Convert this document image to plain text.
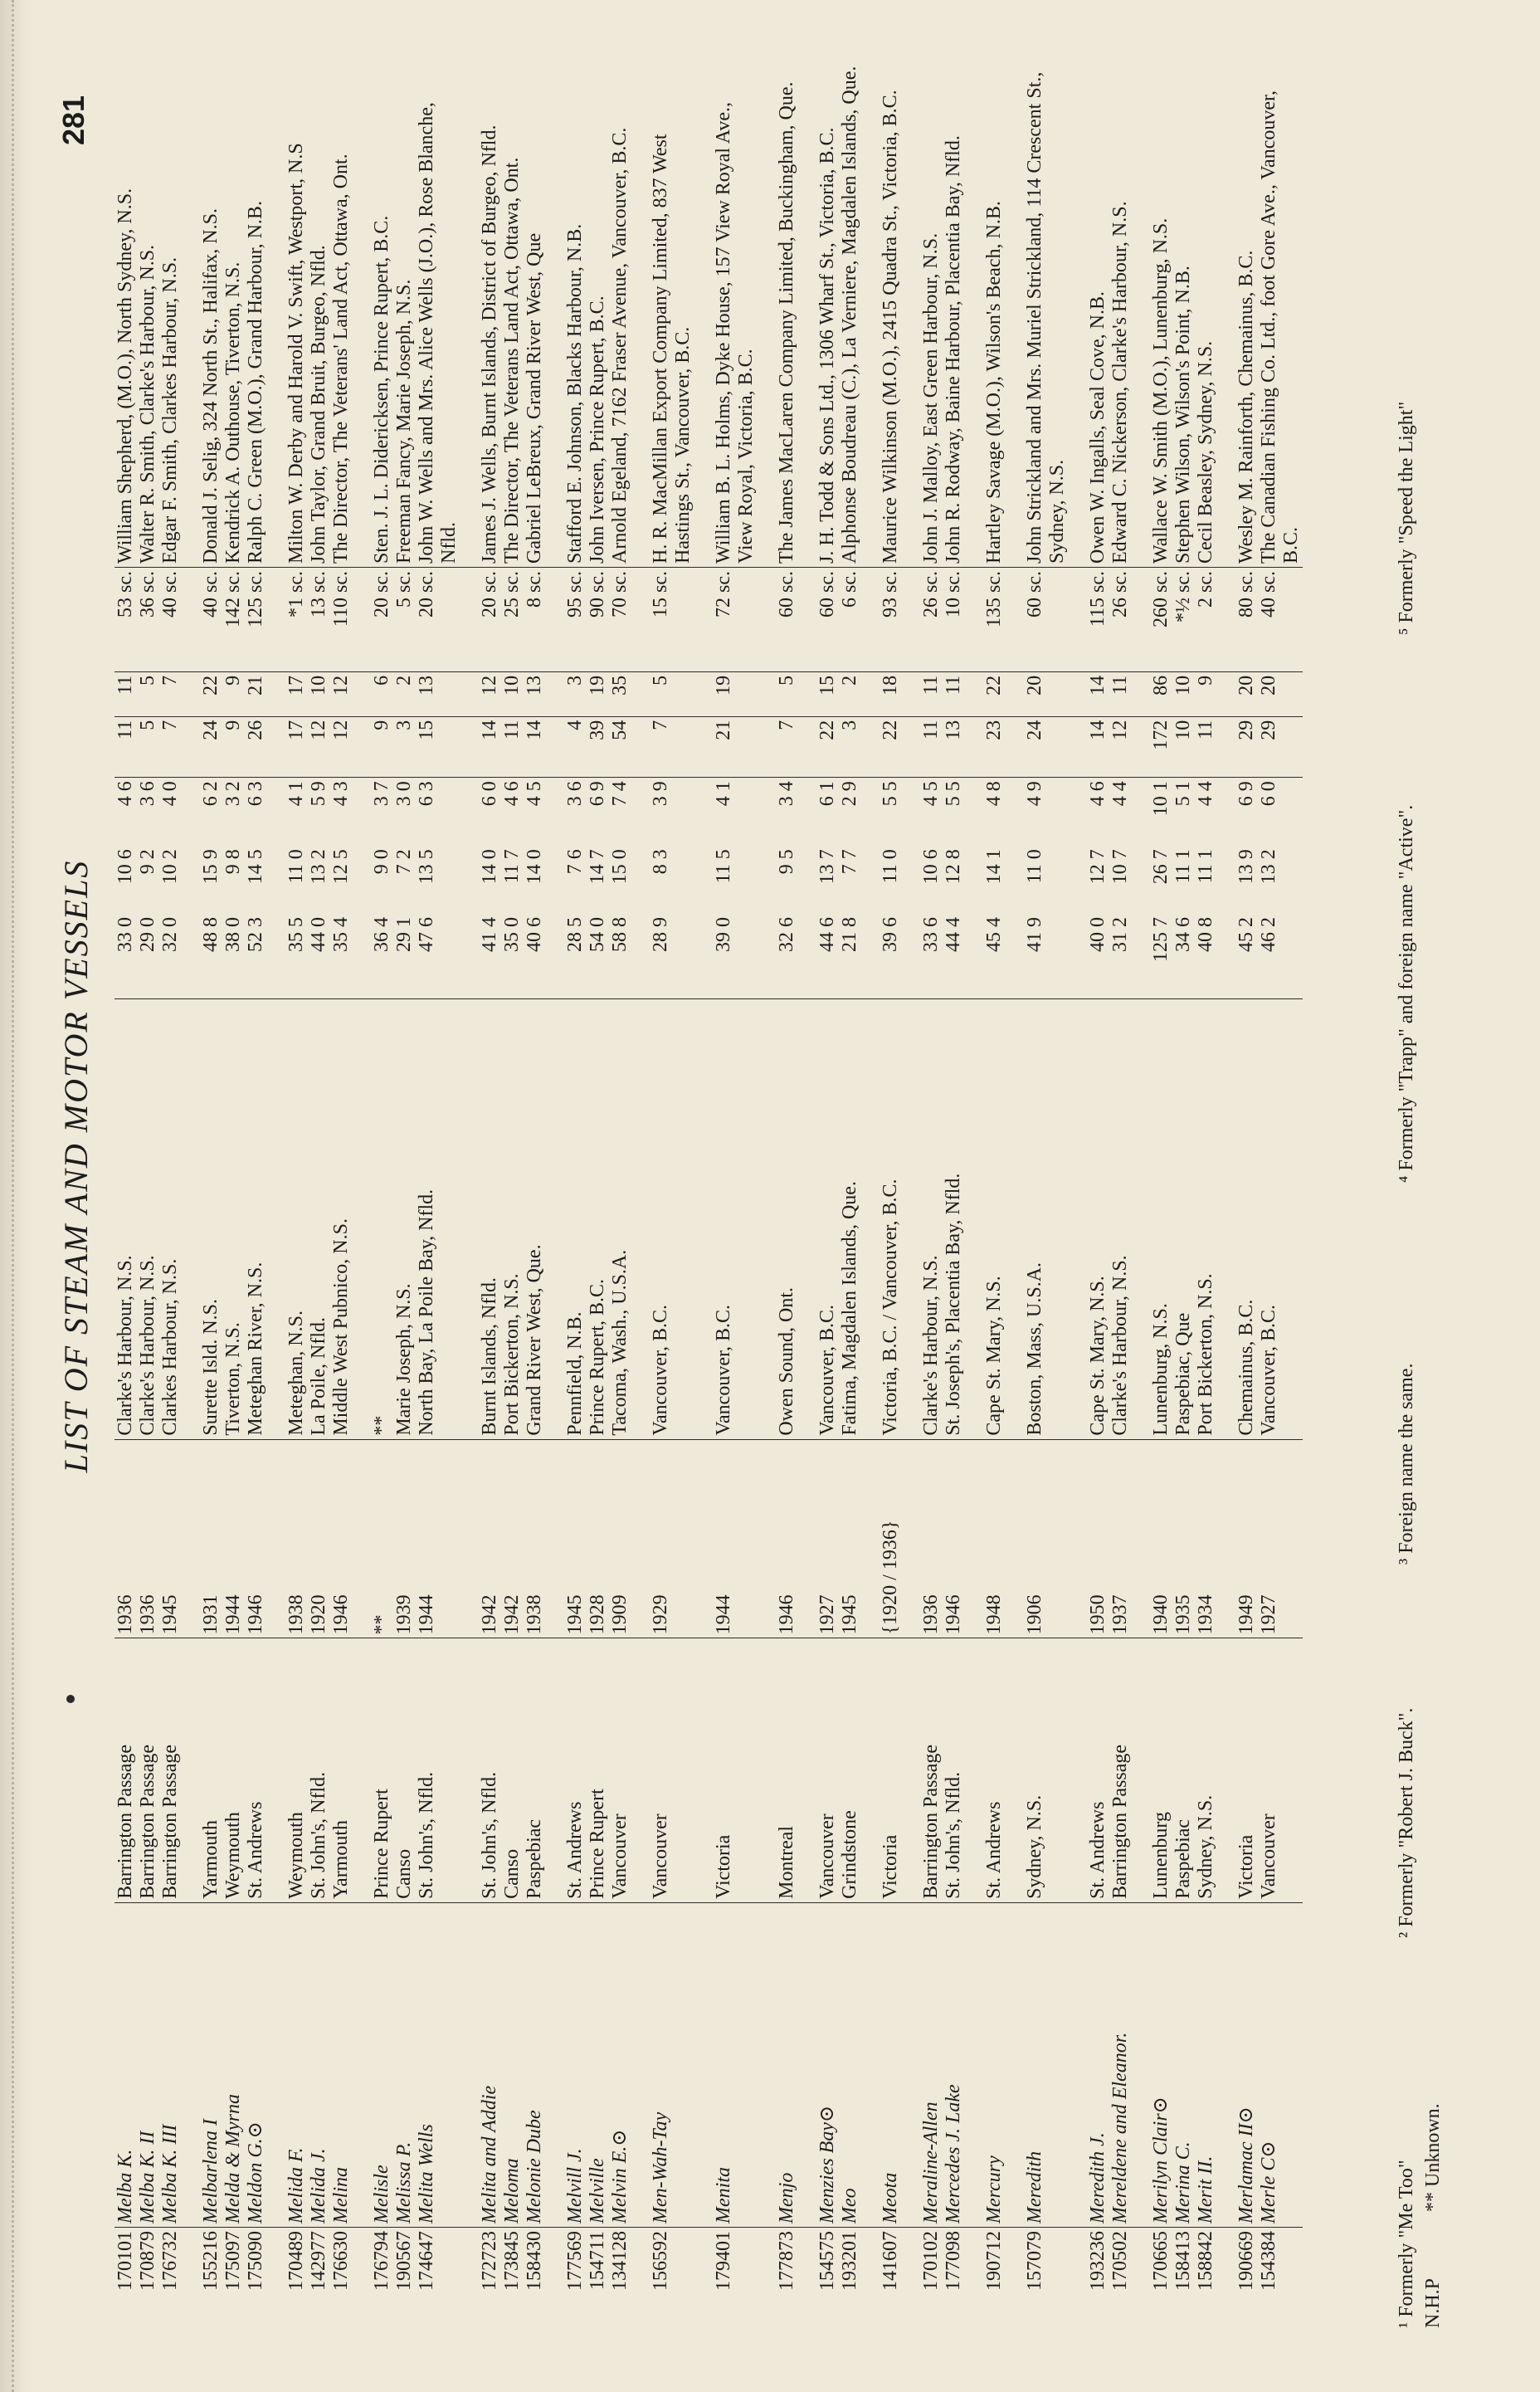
LIST OF STEAM AND MOTOR VESSELS
281
170101	Melba K.	Barrington Passage	1936	Clarke's Harbour, N.S.	33 0	10 6	4 6	11	11	53 sc.	William Shepherd, (M.O.), North Sydney, N.S.
170879	Melba K. II	Barrington Passage	1936	Clarke's Harbour, N.S.	29 0	9 2	3 6	5	5	36 sc.	Walter R. Smith, Clarke's Harbour, N.S.
176732	Melba K. III	Barrington Passage	1945	Clarkes Harbour, N.S.	32 0	10 2	4 0	7	7	40 sc.	Edgar F. Smith, Clarkes Harbour, N.S.

155216	Melbarlena I	Yarmouth	1931	Surette Isld. N.S.	48 8	15 9	6 2	24	22	40 sc.	Donald J. Selig, 324 North St., Halifax, N.S.
175097	Melda & Myrna	Weymouth	1944	Tiverton, N.S.	38 0	9 8	3 2	9	9	142 sc.	Kendrick A. Outhouse, Tiverton, N.S.
175090	Meldon G.⊙	St. Andrews	1946	Meteghan River, N.S.	52 3	14 5	6 3	26	21	125 sc.	Ralph C. Green (M.O.), Grand Harbour, N.B.

170489	Melida F.	Weymouth	1938	Meteghan, N.S.	35 5	11 0	4 1	17	17	*1 sc.	Milton W. Derby and Harold V. Swift, Westport, N.S
142977	Melida J.	St. John's, Nfld.	1920	La Poile, Nfld.	44 0	13 2	5 9	12	10	13 sc.	John Taylor, Grand Bruit, Burgeo, Nfld.
176630	Melina	Yarmouth	1946	Middle West Pubnico, N.S.	35 4	12 5	4 3	12	12	110 sc.	The Director, The Veterans' Land Act, Ottawa, Ont.

176794	Melisle	Prince Rupert	**	**	36 4	9 0	3 7	9	6	20 sc.	Sten. J. L. Didericksen, Prince Rupert, B.C.
190567	Melissa P.	Canso	1939	Marie Joseph, N.S.	29 1	7 2	3 0	3	2	5 sc.	Freeman Fancy, Marie Joseph, N.S.
174647	Melita Wells	St. John's, Nfld.	1944	North Bay, La Poile Bay, Nfld.	47 6	13 5	6 3	15	13	20 sc.	John W. Wells and Mrs. Alice Wells (J.O.), Rose Blanche, Nfld.

172723	Melita and Addie	St. John's, Nfld.	1942	Burnt Islands, Nfld.	41 4	14 0	6 0	14	12	20 sc.	James J. Wells, Burnt Islands, District of Burgeo, Nfld.
173845	Meloma	Canso	1942	Port Bickerton, N.S.	35 0	11 7	4 6	11	10	25 sc.	The Director, The Veterans Land Act, Ottawa, Ont.
158430	Melonie Dube	Paspebiac	1938	Grand River West, Que.	40 6	14 0	4 5	14	13	8 sc.	Gabriel LeBreux, Grand River West, Que

177569	Melvill J.	St. Andrews	1945	Pennfield, N.B.	28 5	7 6	3 6	4	3	95 sc.	Stafford E. Johnson, Blacks Harbour, N.B.
154711	Melville	Prince Rupert	1928	Prince Rupert, B.C.	54 0	14 7	6 9	39	19	90 sc.	John Iversen, Prince Rupert, B.C.
134128	Melvin E.⊙	Vancouver	1909	Tacoma, Wash., U.S.A.	58 8	15 0	7 4	54	35	70 sc.	Arnold Egeland, 7162 Fraser Avenue, Vancouver, B.C.

156592	Men-Wah-Tay	Vancouver	1929	Vancouver, B.C.	28 9	8 3	3 9	7	5	15 sc.	H. R. MacMillan Export Company Limited, 837 West Hastings St., Vancouver, B.C.

179401	Menita	Victoria	1944	Vancouver, B.C.	39 0	11 5	4 1	21	19	72 sc.	William B. L. Holms, Dyke House, 157 View Royal Ave., View Royal, Victoria, B.C.

177873	Menjo	Montreal	1946	Owen Sound, Ont.	32 6	9 5	3 4	7	5	60 sc.	The James MacLaren Company Limited, Buckingham, Que.

154575	Menzies Bay⊙	Vancouver	1927	Vancouver, B.C.	44 6	13 7	6 1	22	15	60 sc.	J. H. Todd & Sons Ltd., 1306 Wharf St., Victoria, B.C.
193201	Meo	Grindstone	1945	Fatima, Magdalen Islands, Que.	21 8	7 7	2 9	3	2	6 sc.	Alphonse Boudreau (C.), La Verniere, Magdalen Islands, Que.

141607	Meota	Victoria	{1920 / 1936}	Victoria, B.C. / Vancouver, B.C.	39 6	11 0	5 5	22	18	93 sc.	Maurice Wilkinson (M.O.), 2415 Quadra St., Victoria, B.C.

170102	Meraline-Allen	Barrington Passage	1936	Clarke's Harbour, N.S.	33 6	10 6	4 5	11	11	26 sc.	John J. Malloy, East Green Harbour, N.S.
177098	Mercedes J. Lake	St. John's, Nfld.	1946	St. Joseph's, Placentia Bay, Nfld.	44 4	12 8	5 5	13	11	10 sc.	John R. Rodway, Baine Harbour, Placentia Bay, Nfld.

190712	Mercury	St. Andrews	1948	Cape St. Mary, N.S.	45 4	14 1	4 8	23	22	135 sc.	Hartley Savage (M.O.), Wilson's Beach, N.B.

157079	Meredith	Sydney, N.S.	1906	Boston, Mass, U.S.A.	41 9	11 0	4 9	24	20	60 sc.	John Strickland and Mrs. Muriel Strickland, 114 Crescent St., Sydney, N.S.

193236	Meredith J.	St. Andrews	1950	Cape St. Mary, N.S.	40 0	12 7	4 6	14	14	115 sc.	Owen W. Ingalls, Seal Cove, N.B.
170502	Mereldene and Eleanor.	Barrington Passage	1937	Clarke's Harbour, N.S.	31 2	10 7	4 4	12	11	26 sc.	Edward C. Nickerson, Clarke's Harbour, N.S.

170665	Merilyn Clair⊙	Lunenburg	1940	Lunenburg, N.S.	125 7	26 7	10 1	172	86	260 sc.	Wallace W. Smith (M.O.), Lunenburg, N.S.
158413	Merina C.	Paspebiac	1935	Paspebiac, Que	34 6	11 1	5 1	10	10	*½ sc.	Stephen Wilson, Wilson's Point, N.B.
158842	Merit II.	Sydney, N.S.	1934	Port Bickerton, N.S.	40 8	11 1	4 4	11	9	2 sc.	Cecil Beasley, Sydney, N.S.

190669	Merlamac II⊙	Victoria	1949	Chemainus, B.C.	45 2	13 9	6 9	29	20	80 sc.	Wesley M. Rainforth, Chemainus, B.C.
154384	Merle C⊙	Vancouver	1927	Vancouver, B.C.	46 2	13 2	6 0	29	20	40 sc.	The Canadian Fishing Co. Ltd., foot Gore Ave., Vancouver, B.C.
¹ Formerly "Me Too"
² Formerly "Robert J. Buck".
³ Foreign name the same.
⁴ Formerly "Trapp" and foreign name "Active".
⁵ Formerly "Speed the Light"
N.H.P
** Unknown.
